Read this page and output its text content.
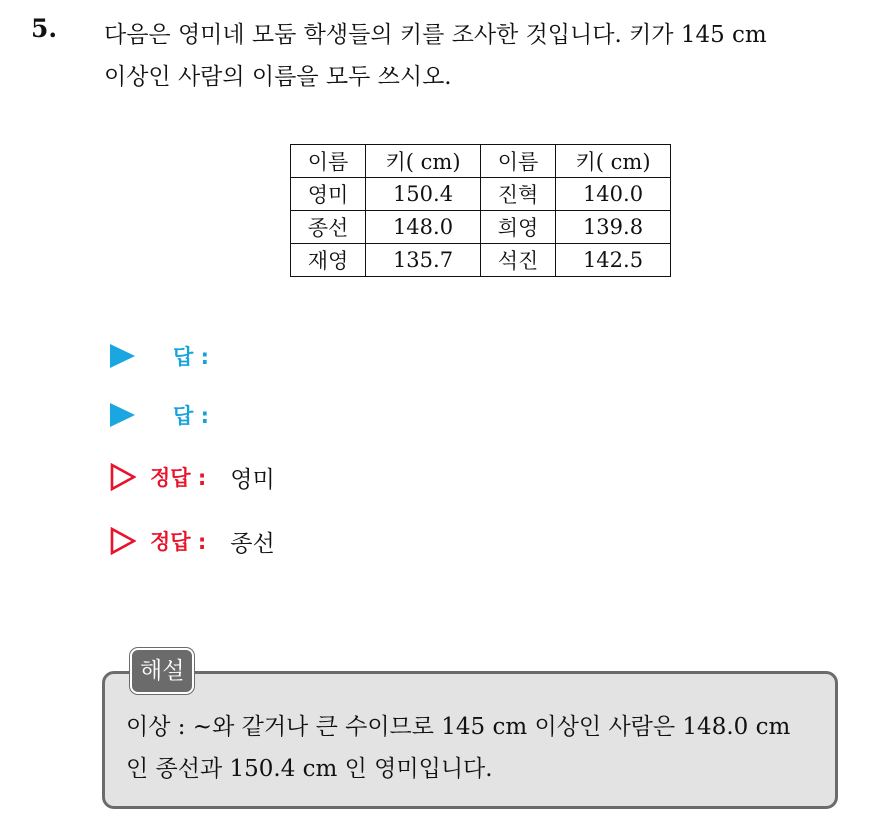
5. 다음은 영미네 모둠 학생들의 키를 조사한 것입니다. 키가 145 cm
이상인 사람의 이름을 모두 쓰시오.
이름	키( cm)	이름	키( cm)
영미	150.4	진혁	140.0
종선	148.0	희영	139.8
재영	135.7	석진	142.5
답 :
답 :
정답 : 영미
정답 : 종선
해설
이상 : ~와 같거나 큰 수이므로 145 cm 이상인 사람은 148.0 cm
인 종선과 150.4 cm 인 영미입니다.
